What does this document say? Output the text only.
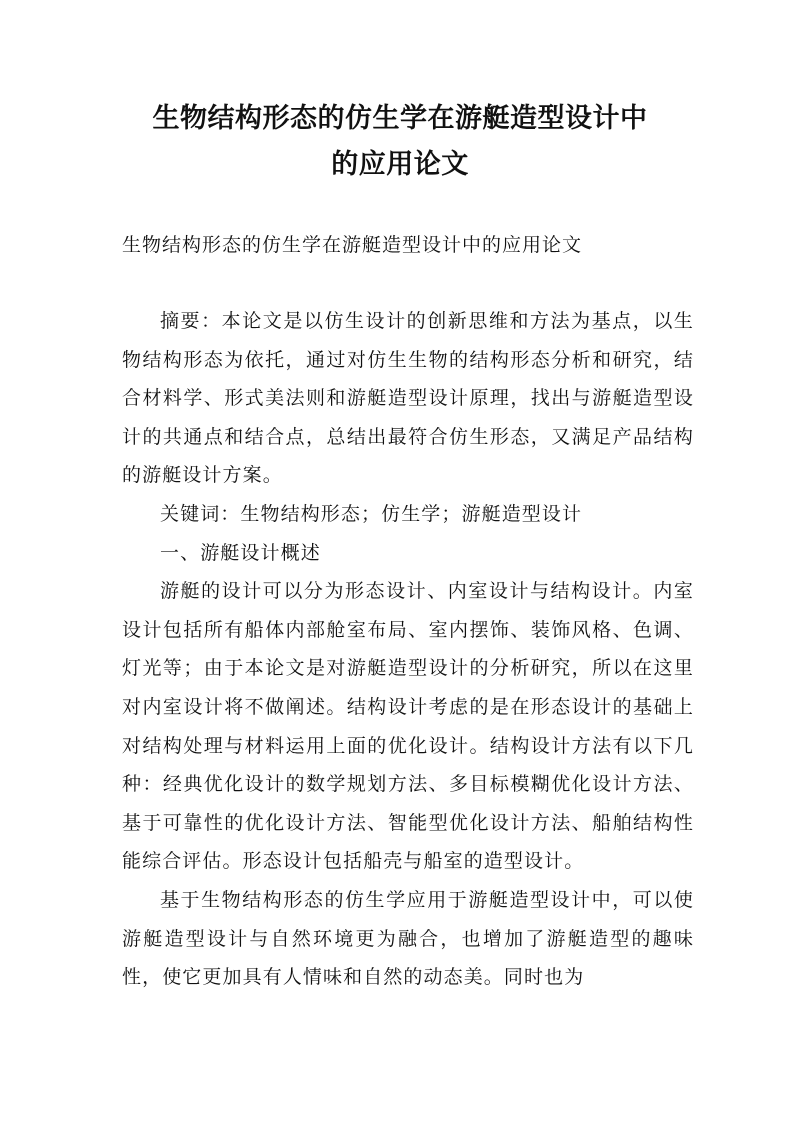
生物结构形态的仿生学在游艇造型设计中
的应用论文
生物结构形态的仿生学在游艇造型设计中的应用论文

摘要：本论文是以仿生设计的创新思维和方法为基点，以生物结构形态为依托，通过对仿生生物的结构形态分析和研究，结合材料学、形式美法则和游艇造型设计原理，找出与游艇造型设计的共通点和结合点，总结出最符合仿生形态，又满足产品结构的游艇设计方案。

关键词：生物结构形态；仿生学；游艇造型设计

一、游艇设计概述

游艇的设计可以分为形态设计、内室设计与结构设计。内室设计包括所有船体内部舱室布局、室内摆饰、装饰风格、色调、灯光等；由于本论文是对游艇造型设计的分析研究，所以在这里对内室设计将不做阐述。结构设计考虑的是在形态设计的基础上对结构处理与材料运用上面的优化设计。结构设计方法有以下几种：经典优化设计的数学规划方法、多目标模糊优化设计方法、基于可靠性的优化设计方法、智能型优化设计方法、船舶结构性能综合评估。形态设计包括船壳与船室的造型设计。

基于生物结构形态的仿生学应用于游艇造型设计中，可以使游艇造型设计与自然环境更为融合，也增加了游艇造型的趣味性，使它更加具有人情味和自然的动态美。同时也为
